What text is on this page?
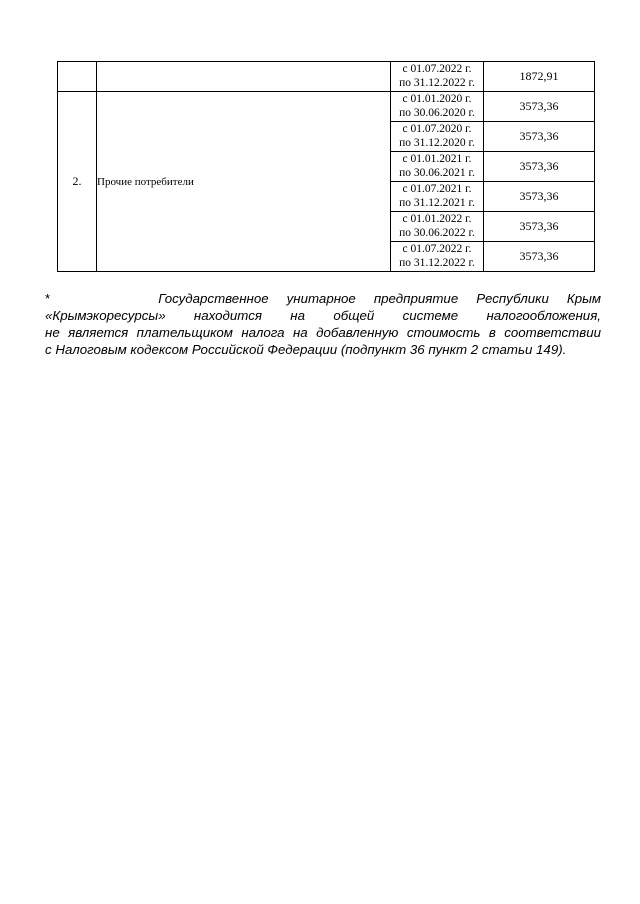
		с 01.07.2022 г.
по 31.12.2022 г.	1872,91
2.	Прочие потребители	с 01.01.2020 г.
по 30.06.2020 г.	3573,36

		с 01.07.2020 г.
по 31.12.2020 г.	3573,36

		с 01.01.2021 г.
по 30.06.2021 г.	3573,36

		с 01.07.2021 г.
по 31.12.2021 г.	3573,36

		с 01.01.2022 г.
по 30.06.2022 г.	3573,36

		с 01.07.2022 г.
по 31.12.2022 г.	3573,36
*	Государственное унитарное предприятие Республики Крым
«Крымэкоресурсы» находится на общей системе налогообложения,
не является плательщиком налога на добавленную стоимость в соответствии
с Налоговым кодексом Российской Федерации (подпункт 36 пункт 2 статьи 149).
